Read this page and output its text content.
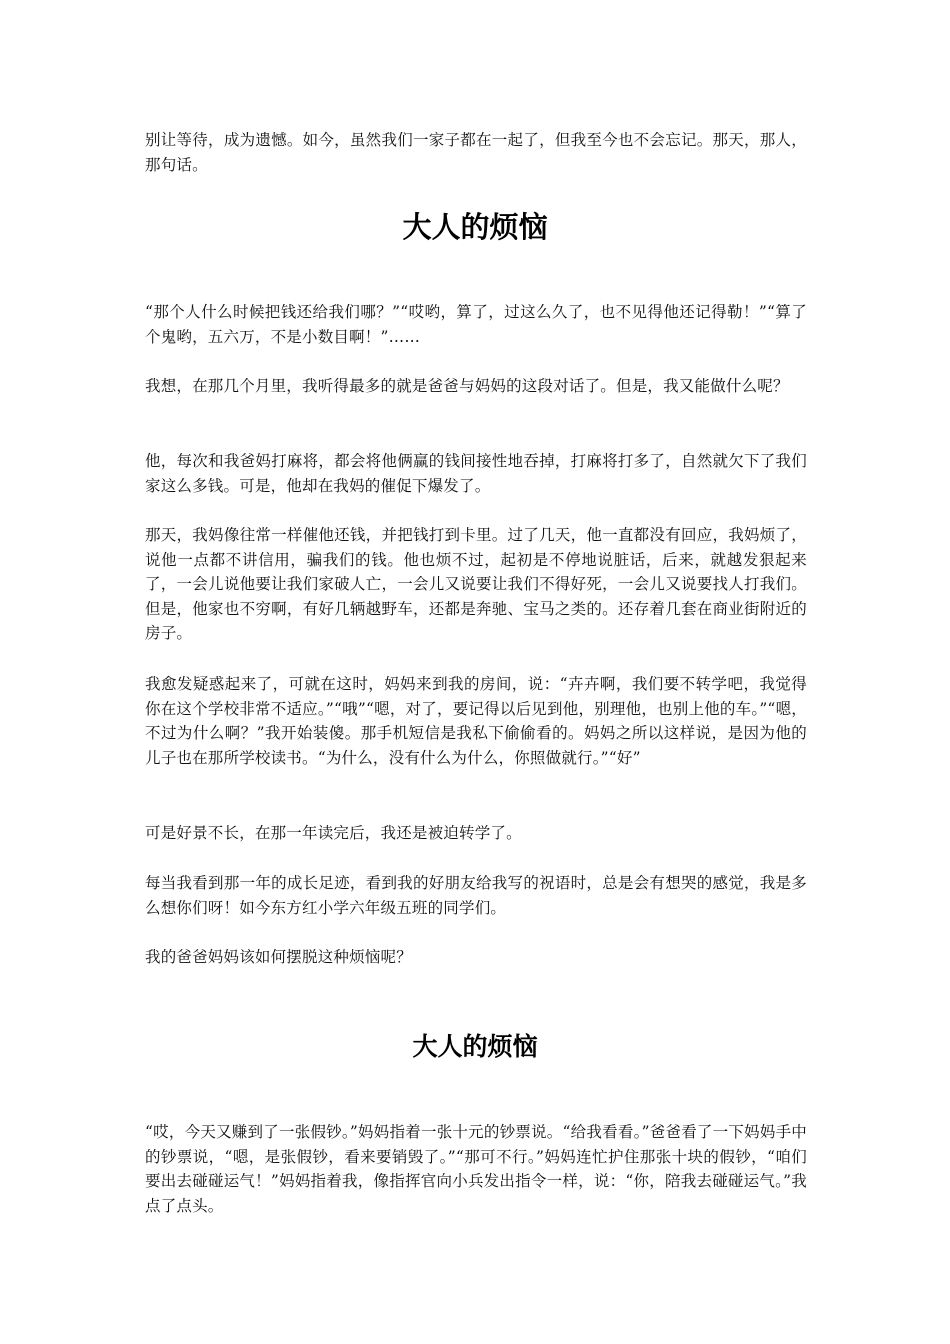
别让等待，成为遗憾。如今，虽然我们一家子都在一起了，但我至今也不会忘记。那天，那人，那句话。

大人的烦恼

“那个人什么时候把钱还给我们哪？”“哎哟，算了，过这么久了，也不见得他还记得勒！”“算了个鬼哟，五六万，不是小数目啊！”……

我想，在那几个月里，我听得最多的就是爸爸与妈妈的这段对话了。但是，我又能做什么呢？

他，每次和我爸妈打麻将，都会将他俩赢的钱间接性地吞掉，打麻将打多了，自然就欠下了我们家这么多钱。可是，他却在我妈的催促下爆发了。

那天，我妈像往常一样催他还钱，并把钱打到卡里。过了几天，他一直都没有回应，我妈烦了，说他一点都不讲信用，骗我们的钱。他也烦不过，起初是不停地说脏话，后来，就越发狠起来了，一会儿说他要让我们家破人亡，一会儿又说要让我们不得好死，一会儿又说要找人打我们。但是，他家也不穷啊，有好几辆越野车，还都是奔驰、宝马之类的。还存着几套在商业街附近的房子。

我愈发疑惑起来了，可就在这时，妈妈来到我的房间，说：“卉卉啊，我们要不转学吧，我觉得你在这个学校非常不适应。”“哦”“嗯，对了，要记得以后见到他，别理他，也别上他的车。”“嗯，不过为什么啊？”我开始装傻。那手机短信是我私下偷偷看的。妈妈之所以这样说，是因为他的儿子也在那所学校读书。“为什么，没有什么为什么，你照做就行。”“好”

可是好景不长，在那一年读完后，我还是被迫转学了。

每当我看到那一年的成长足迹，看到我的好朋友给我写的祝语时，总是会有想哭的感觉，我是多么想你们呀！如今东方红小学六年级五班的同学们。

我的爸爸妈妈该如何摆脱这种烦恼呢？

大人的烦恼

“哎，今天又赚到了一张假钞。”妈妈指着一张十元的钞票说。“给我看看。”爸爸看了一下妈妈手中的钞票说，“嗯，是张假钞，看来要销毁了。”“那可不行。”妈妈连忙护住那张十块的假钞，“咱们要出去碰碰运气！”妈妈指着我，像指挥官向小兵发出指令一样，说：“你，陪我去碰碰运气。”我点了点头。
